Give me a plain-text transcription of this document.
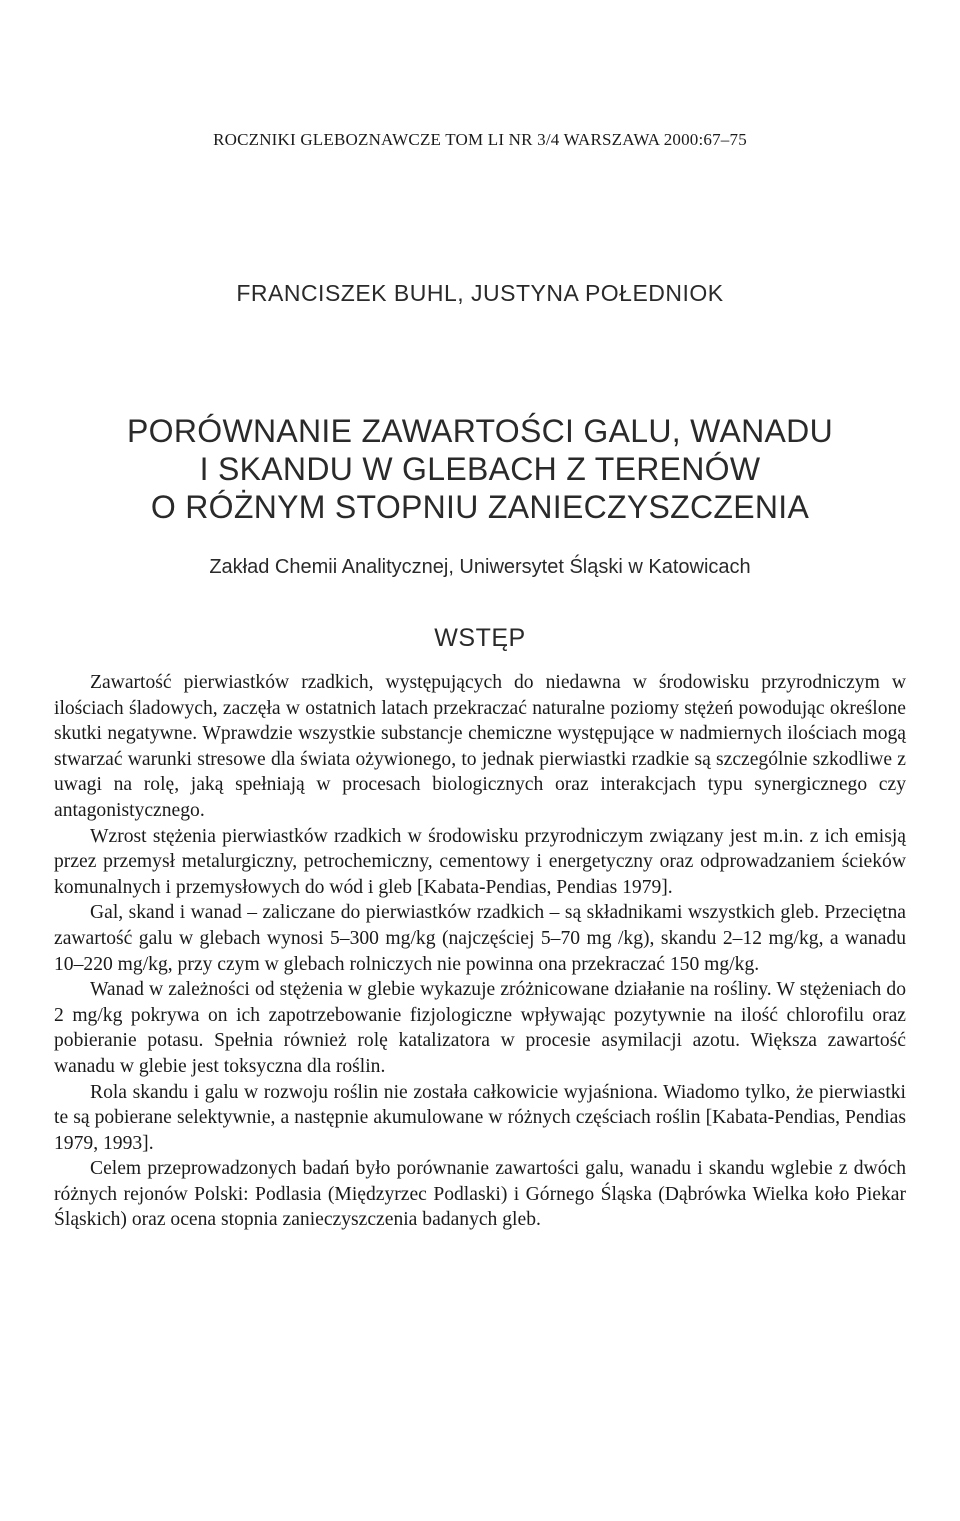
ROCZNIKI GLEBOZNAWCZE TOM LI NR 3/4 WARSZAWA 2000:67–75
FRANCISZEK BUHL, JUSTYNA POŁEDNIOK
PORÓWNANIE ZAWARTOŚCI GALU, WANADU
I SKANDU W GLEBACH Z TERENÓW
O RÓŻNYM STOPNIU ZANIECZYSZCZENIA
Zakład Chemii Analitycznej, Uniwersytet Śląski w Katowicach
WSTĘP

Zawartość pierwiastków rzadkich, występujących do niedawna w środowisku przyrodniczym w ilościach śladowych, zaczęła w ostatnich latach przekraczać naturalne poziomy stężeń powodując określone skutki negatywne. Wprawdzie wszystkie substancje chemiczne występujące w nadmiernych ilościach mogą stwarzać warunki stresowe dla świata ożywionego, to jednak pierwiastki rzadkie są szczególnie szkodliwe z uwagi na rolę, jaką spełniają w procesach biologicznych oraz interakcjach typu synergicznego czy antagonistycznego.

Wzrost stężenia pierwiastków rzadkich w środowisku przyrodniczym związany jest m.in. z ich emisją przez przemysł metalurgiczny, petrochemiczny, cementowy i energetyczny oraz odprowadzaniem ścieków komunalnych i przemysłowych do wód i gleb [Kabata-Pendias, Pendias 1979].

Gal, skand i wanad – zaliczane do pierwiastków rzadkich – są składnikami wszystkich gleb. Przeciętna zawartość galu w glebach wynosi 5–300 mg/kg (najczęściej 5–70 mg /kg), skandu 2–12 mg/kg, a wanadu 10–220 mg/kg, przy czym w glebach rolniczych nie powinna ona przekraczać 150 mg/kg.

Wanad w zależności od stężenia w glebie wykazuje zróżnicowane działanie na rośliny. W stężeniach do 2 mg/kg pokrywa on ich zapotrzebowanie fizjologiczne wpływając pozytywnie na ilość chlorofilu oraz pobieranie potasu. Spełnia również rolę katalizatora w procesie asymilacji azotu. Większa zawartość wanadu w glebie jest toksyczna dla roślin.

Rola skandu i galu w rozwoju roślin nie została całkowicie wyjaśniona. Wiadomo tylko, że pierwiastki te są pobierane selektywnie, a następnie akumulowane w różnych częściach roślin [Kabata-Pendias, Pendias 1979, 1993].

Celem przeprowadzonych badań było porównanie zawartości galu, wanadu i skandu wglebie z dwóch różnych rejonów Polski: Podlasia (Międzyrzec Podlaski) i Górnego Śląska (Dąbrówka Wielka koło Piekar Śląskich) oraz ocena stopnia zanieczyszczenia badanych gleb.
